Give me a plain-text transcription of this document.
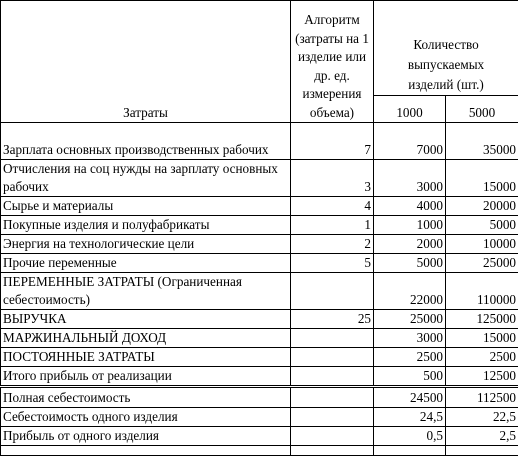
Затраты	Алгоритм (затраты на 1 изделие или др. ед. измерения объема)	Количество выпускаемых изделий (шт.)	
		1000	5000
Зарплата основных производственных рабочих	7	7000	35000
Отчисления на соц нужды на зарплату основных рабочих	3	3000	15000
Сырье и материалы	4	4000	20000
Покупные изделия и полуфабрикаты	1	1000	5000
Энергия на технологические цели	2	2000	10000
Прочие переменные	5	5000	25000
ПЕРЕМЕННЫЕ ЗАТРАТЫ (Ограниченная себестоимость)		22000	110000
ВЫРУЧКА	25	25000	125000
МАРЖИНАЛЬНЫЙ ДОХОД		3000	15000
ПОСТОЯННЫЕ ЗАТРАТЫ		2500	2500
Итого прибыль от реализации		500	12500
Полная себестоимость		24500	112500
Себестоимость одного изделия		24,5	22,5
Прибыль от одного изделия		0,5	2,5
